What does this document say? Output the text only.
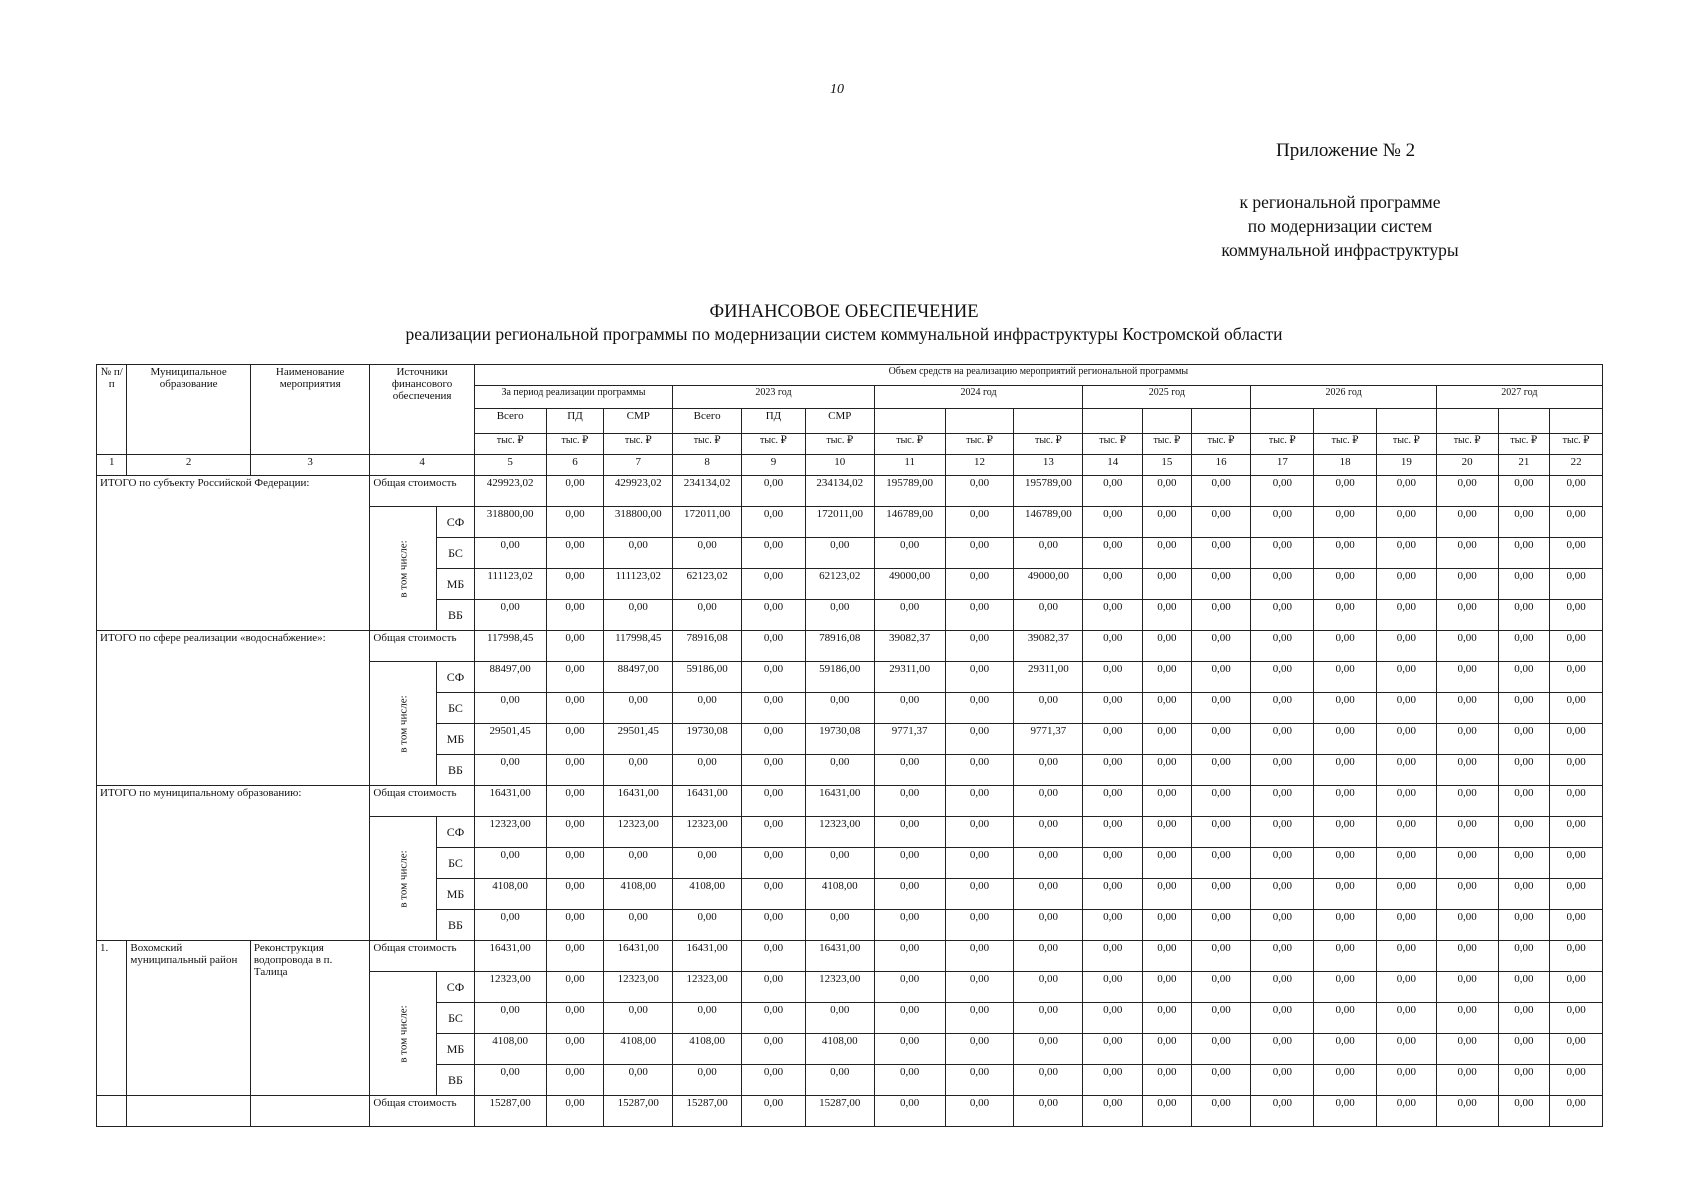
10
Приложение № 2
к региональной программе
по модернизации систем
коммунальной инфраструктуры
ФИНАНСОВОЕ ОБЕСПЕЧЕНИЕ
реализации региональной программы по модернизации систем коммунальной инфраструктуры Костромской области
№ п/п	Муниципальное образование	Наименование мероприятия	Источники финансового обеспечения		Объем средств на реализацию мероприятий региональной программы																	
					За период реализации программы			2023 год			2024 год			2025 год			2026 год			2027 год		
					Всего	ПД	СМР	Всего	ПД	СМР												
					тыс. ₽	тыс. ₽	тыс. ₽	тыс. ₽	тыс. ₽	тыс. ₽	тыс. ₽	тыс. ₽	тыс. ₽	тыс. ₽	тыс. ₽	тыс. ₽	тыс. ₽	тыс. ₽	тыс. ₽	тыс. ₽	тыс. ₽	тыс. ₽
1	2	3	4		5	6	7	8	9	10	11	12	13	14	15	16	17	18	19	20	21	22
ИТОГО по субъекту Российской Федерации:			Общая стоимость		429923,02	0,00	429923,02	234134,02	0,00	234134,02	195789,00	0,00	195789,00	0,00	0,00	0,00	0,00	0,00	0,00	0,00	0,00	0,00
			в том числе:	СФ	318800,00	0,00	318800,00	172011,00	0,00	172011,00	146789,00	0,00	146789,00	0,00	0,00	0,00	0,00	0,00	0,00	0,00	0,00	0,00
				БС	0,00	0,00	0,00	0,00	0,00	0,00	0,00	0,00	0,00	0,00	0,00	0,00	0,00	0,00	0,00	0,00	0,00	0,00
				МБ	111123,02	0,00	111123,02	62123,02	0,00	62123,02	49000,00	0,00	49000,00	0,00	0,00	0,00	0,00	0,00	0,00	0,00	0,00	0,00
				ВБ	0,00	0,00	0,00	0,00	0,00	0,00	0,00	0,00	0,00	0,00	0,00	0,00	0,00	0,00	0,00	0,00	0,00	0,00
ИТОГО по сфере реализации «водоснабжение»:			Общая стоимость		117998,45	0,00	117998,45	78916,08	0,00	78916,08	39082,37	0,00	39082,37	0,00	0,00	0,00	0,00	0,00	0,00	0,00	0,00	0,00
			в том числе:	СФ	88497,00	0,00	88497,00	59186,00	0,00	59186,00	29311,00	0,00	29311,00	0,00	0,00	0,00	0,00	0,00	0,00	0,00	0,00	0,00
				БС	0,00	0,00	0,00	0,00	0,00	0,00	0,00	0,00	0,00	0,00	0,00	0,00	0,00	0,00	0,00	0,00	0,00	0,00
				МБ	29501,45	0,00	29501,45	19730,08	0,00	19730,08	9771,37	0,00	9771,37	0,00	0,00	0,00	0,00	0,00	0,00	0,00	0,00	0,00
				ВБ	0,00	0,00	0,00	0,00	0,00	0,00	0,00	0,00	0,00	0,00	0,00	0,00	0,00	0,00	0,00	0,00	0,00	0,00
ИТОГО по муниципальному образованию:			Общая стоимость		16431,00	0,00	16431,00	16431,00	0,00	16431,00	0,00	0,00	0,00	0,00	0,00	0,00	0,00	0,00	0,00	0,00	0,00	0,00
			в том числе:	СФ	12323,00	0,00	12323,00	12323,00	0,00	12323,00	0,00	0,00	0,00	0,00	0,00	0,00	0,00	0,00	0,00	0,00	0,00	0,00
				БС	0,00	0,00	0,00	0,00	0,00	0,00	0,00	0,00	0,00	0,00	0,00	0,00	0,00	0,00	0,00	0,00	0,00	0,00
				МБ	4108,00	0,00	4108,00	4108,00	0,00	4108,00	0,00	0,00	0,00	0,00	0,00	0,00	0,00	0,00	0,00	0,00	0,00	0,00
				ВБ	0,00	0,00	0,00	0,00	0,00	0,00	0,00	0,00	0,00	0,00	0,00	0,00	0,00	0,00	0,00	0,00	0,00	0,00
1.	Вохомский муниципальный район	Реконструкция водопровода в п. Талица	Общая стоимость		16431,00	0,00	16431,00	16431,00	0,00	16431,00	0,00	0,00	0,00	0,00	0,00	0,00	0,00	0,00	0,00	0,00	0,00	0,00
			в том числе:	СФ	12323,00	0,00	12323,00	12323,00	0,00	12323,00	0,00	0,00	0,00	0,00	0,00	0,00	0,00	0,00	0,00	0,00	0,00	0,00
				БС	0,00	0,00	0,00	0,00	0,00	0,00	0,00	0,00	0,00	0,00	0,00	0,00	0,00	0,00	0,00	0,00	0,00	0,00
				МБ	4108,00	0,00	4108,00	4108,00	0,00	4108,00	0,00	0,00	0,00	0,00	0,00	0,00	0,00	0,00	0,00	0,00	0,00	0,00
				ВБ	0,00	0,00	0,00	0,00	0,00	0,00	0,00	0,00	0,00	0,00	0,00	0,00	0,00	0,00	0,00	0,00	0,00	0,00
			Общая стоимость		15287,00	0,00	15287,00	15287,00	0,00	15287,00	0,00	0,00	0,00	0,00	0,00	0,00	0,00	0,00	0,00	0,00	0,00	0,00
